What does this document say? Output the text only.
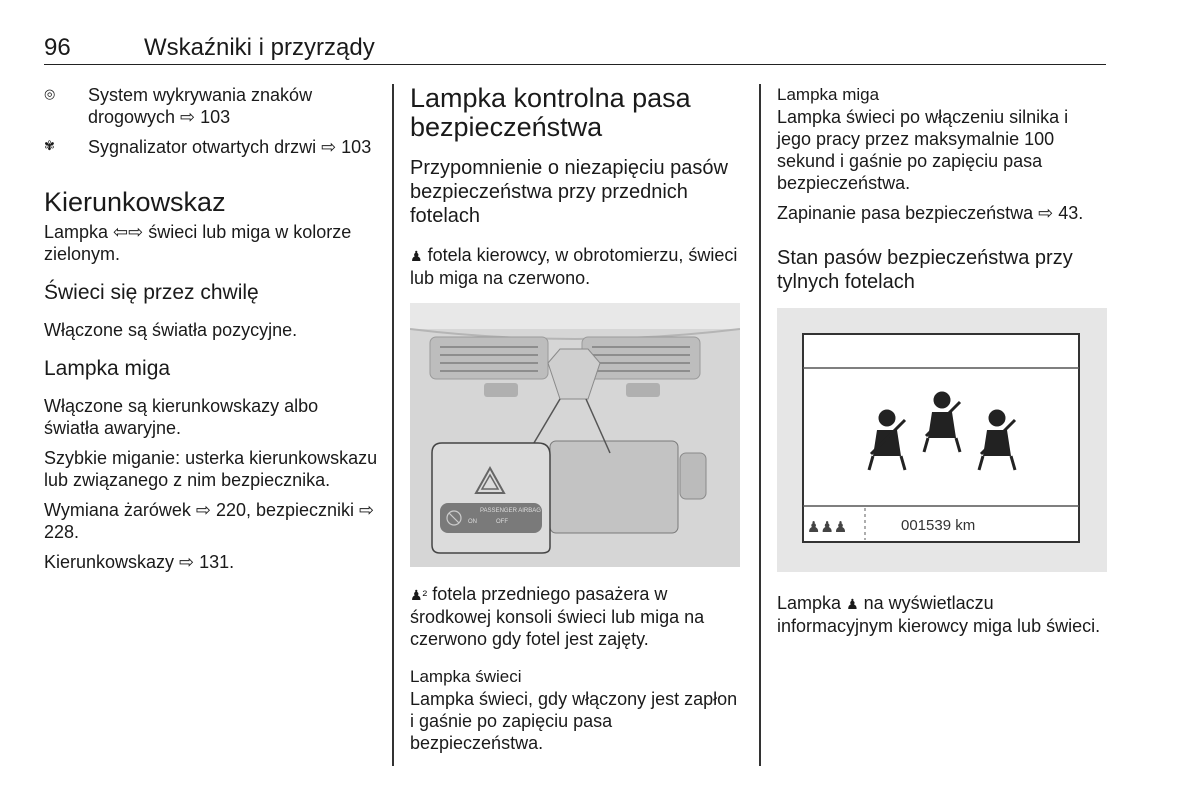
96	Wskaźniki i przyrządy
◎ System wykrywania znaków drogowych ⇨ 103

✾ Sygnalizator otwartych drzwi ⇨ 103

Kierunkowskaz

Lampka ⇦⇨ świeci lub miga w kolorze zielonym.

Świeci się przez chwilę

Włączone są światła pozycyjne.

Lampka miga

Włączone są kierunkowskazy albo światła awaryjne.

Szybkie miganie: usterka kierunkowskazu lub związanego z nim bezpiecznika.

Wymiana żarówek ⇨ 220, bezpieczniki ⇨ 228.

Kierunkowskazy ⇨ 131.

Lampka kontrolna pasa bezpieczeństwa
Przypomnienie o niezapięciu pasów bezpieczeństwa przy przednich fotelach

♟ fotela kierowcy, w obrotomierzu, świeci lub miga na czerwono.

PASSENGER AIRBAG
ON	OFF

♟² fotela przedniego pasażera w środkowej konsoli świeci lub miga na czerwono gdy fotel jest zajęty.

Lampka świeci

Lampka świeci, gdy włączony jest zapłon i gaśnie po zapięciu pasa bezpieczeństwa.

Lampka miga

Lampka świeci po włączeniu silnika i jego pracy przez maksymalnie 100 sekund i gaśnie po zapięciu pasa bezpieczeństwa.

Zapinanie pasa bezpieczeństwa ⇨ 43.

Stan pasów bezpieczeństwa przy tylnych fotelach
♟♟♟	001539 km

Lampka ♟ na wyświetlaczu informacyjnym kierowcy miga lub świeci.
